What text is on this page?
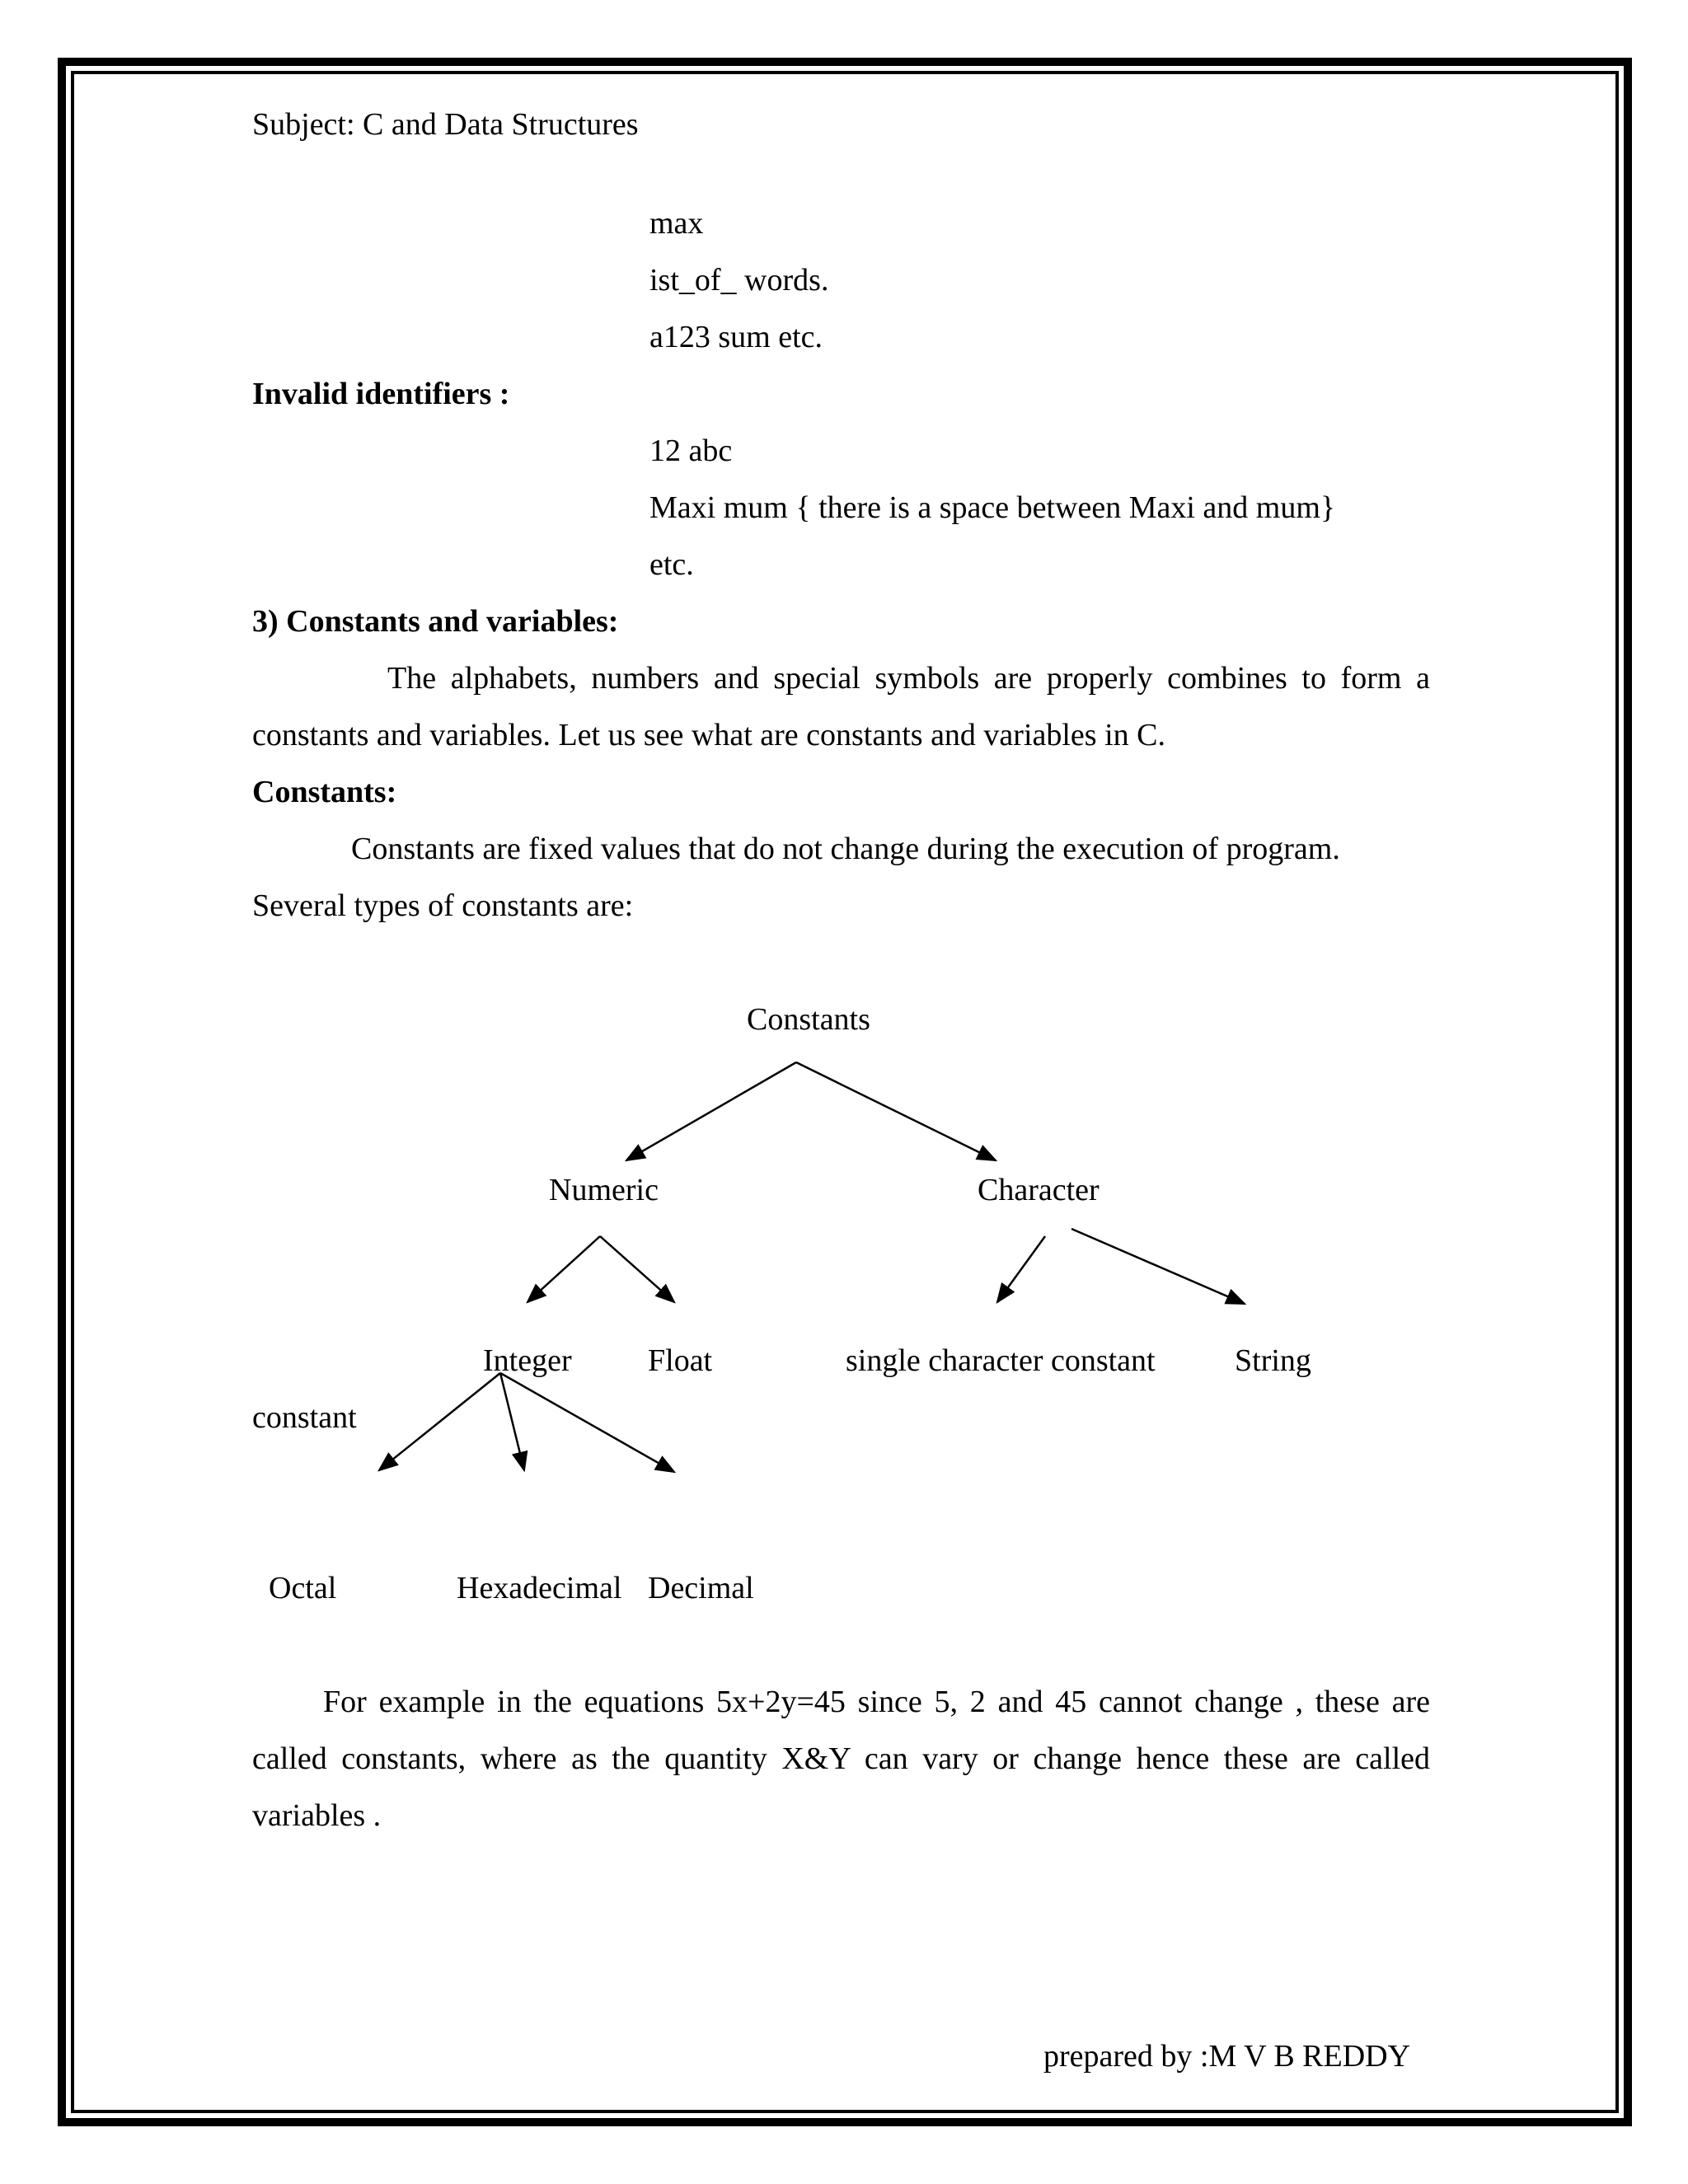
Subject: C and Data Structures
max
ist_of_ words.
a123 sum etc.
Invalid identifiers :
12 abc
Maxi mum { there is a space between Maxi and mum}
etc.
3) Constants and variables:
The alphabets, numbers and special symbols are properly combines to form a
constants and variables. Let us see what are constants and variables in C.
Constants:
Constants are fixed values that do not change during the execution of program.
Several types of constants are:
Constants
Numeric	Character
Integer Float	single character constant	String
constant
Octal	Hexadecimal Decimal
For example in the equations 5x+2y=45 since 5, 2 and 45 cannot change , these are
called constants, where as the quantity X&Y can vary or change hence these are called
variables .
prepared by :M V B REDDY
